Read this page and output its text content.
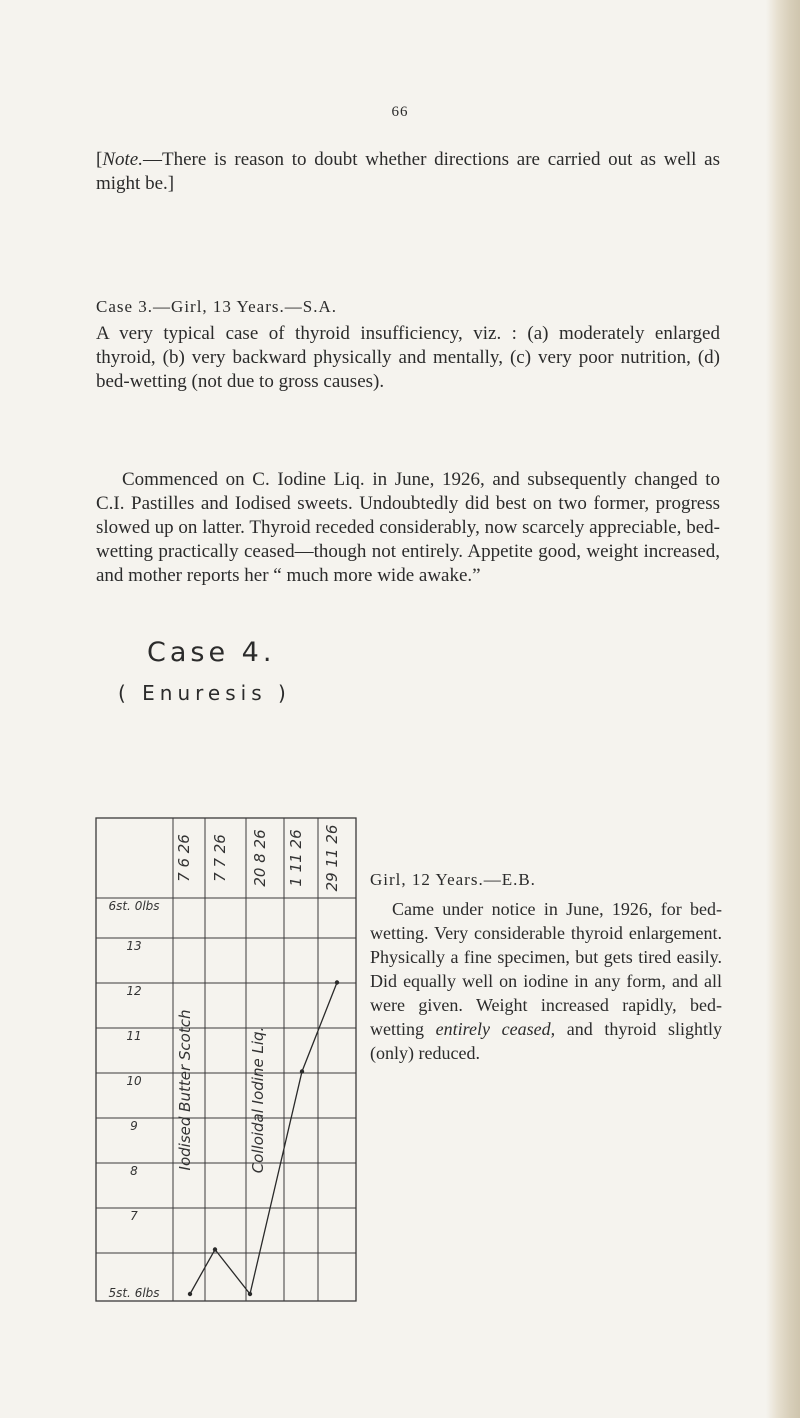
66
[Note.—There is reason to doubt whether directions are carried out as well as might be.]
Case 3.—Girl, 13 Years.—S.A.
A very typical case of thyroid insufficiency, viz. : (a) moderately enlarged thyroid, (b) very backward physically and mentally, (c) very poor nutrition, (d) bed-wetting (not due to gross causes).
Commenced on C. Iodine Liq. in June, 1926, and subsequently changed to C.I. Pastilles and Iodised sweets. Undoubtedly did best on two former, progress slowed up on latter. Thyroid receded considerably, now scarcely appreciable, bed-wetting practically ceased—though not entirely. Appetite good, weight increased, and mother reports her “ much more wide awake.”
Case 4.
( Enuresis )
7 6 26 7 7 26 20 8 26 1 11 26 29 11 26
6st. 0lbs
13
12
11
10
9
8
7
5st. 6lbs
Iodised Butter Scotch	Colloidal Iodine Liq.
Girl, 12 Years.—E.B.
Came under notice in June, 1926, for bed-wetting. Very considerable thyroid enlargement. Physically a fine specimen, but gets tired easily. Did equally well on iodine in any form, and all were given. Weight increased rapidly, bed-wetting entirely ceased, and thyroid slightly (only) reduced.
